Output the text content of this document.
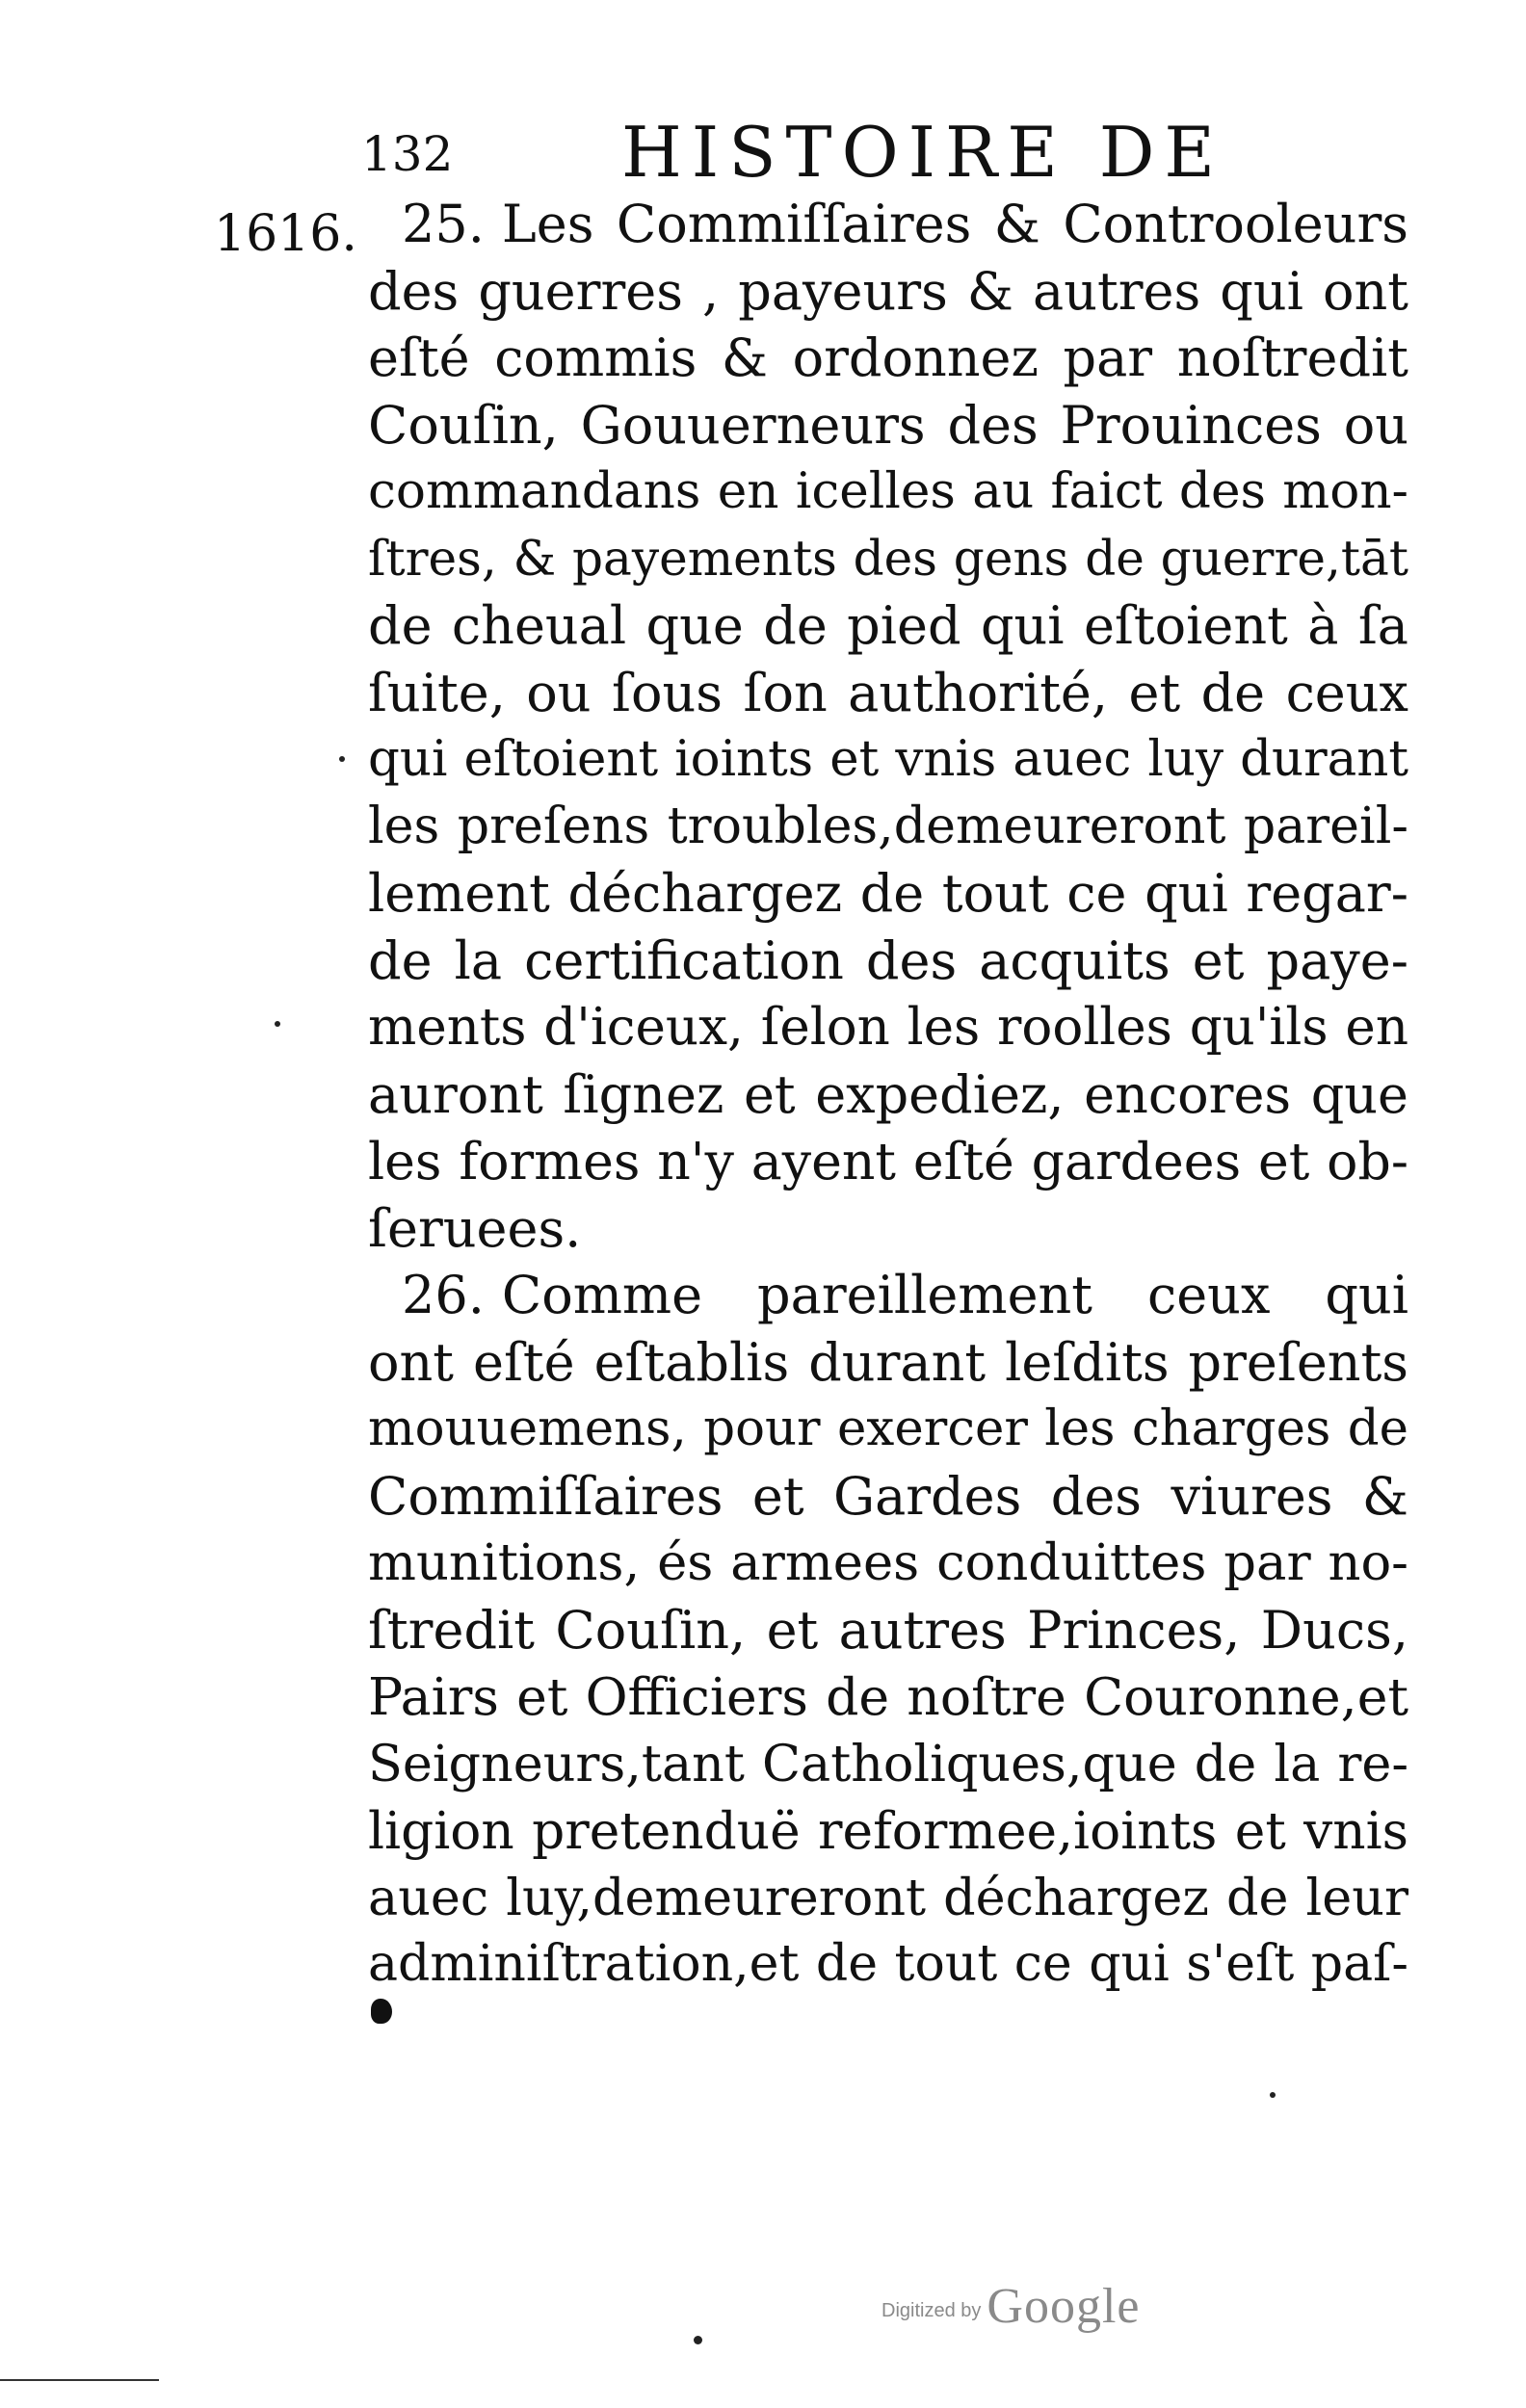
132 HISTOIRE DE
1616. 25. Les Commiſſaires & Controoleurs
des guerres , payeurs & autres qui ont
eſté commis & ordonnez par noſtredit
Couſin, Gouuerneurs des Prouinces ou
commandans en icelles au faict des mon-
ſtres, & payements des gens de guerre,tāt
de cheual que de pied qui eſtoient à ſa
ſuite, ou ſous ſon authorité, et de ceux
qui eſtoient ioints et vnis auec luy durant
les preſens troubles,demeureront pareil-
lement déchargez de tout ce qui regar-
de la certification des acquits et paye-
ments d'iceux, ſelon les roolles qu'ils en
auront ſignez et expediez, encores que
les formes n'y ayent eſté gardees et ob-
ſeruees.
26. Comme pareillement ceux qui
ont eſté eſtablis durant leſdits preſents
mouuemens, pour exercer les charges de
Commiſſaires et Gardes des viures &
munitions, és armees conduittes par no-
ſtredit Couſin, et autres Princes, Ducs,
Pairs et Officiers de noſtre Couronne,et
Seigneurs,tant Catholiques,que de la re-
ligion pretenduë reformee,ioints et vnis
auec luy,demeureront déchargez de leur
adminiſtration,et de tout ce qui s'eſt paſ-
Digitized by Google
